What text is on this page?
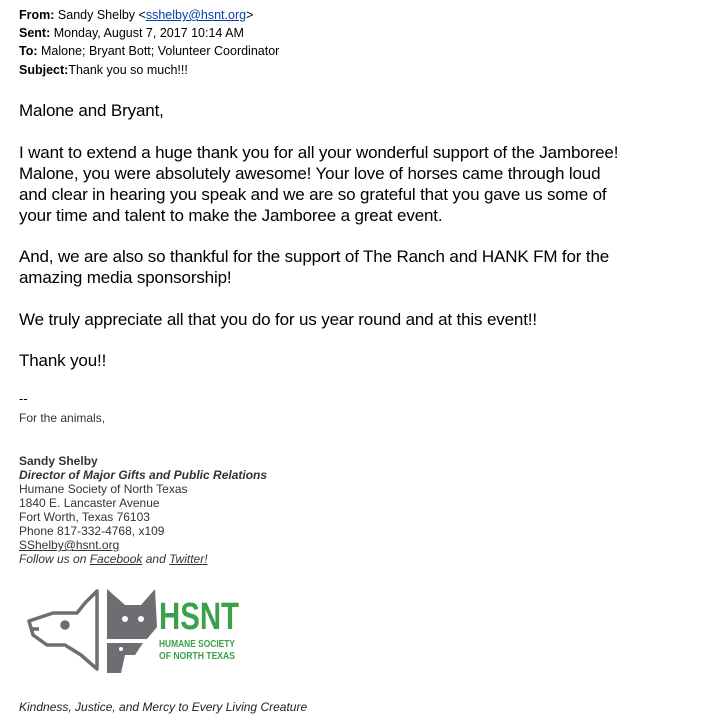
From: Sandy Shelby <sshelby@hsnt.org>
Sent: Monday, August 7, 2017 10:14 AM
To: Malone; Bryant Bott; Volunteer Coordinator
Subject:Thank you so much!!!
Malone and Bryant,
I want to extend a huge thank you for all your wonderful support of the Jamboree!
Malone, you were absolutely awesome! Your love of horses came through loud
and clear in hearing you speak and we are so grateful that you gave us some of
your time and talent to make the Jamboree a great event.
And, we are also so thankful for the support of The Ranch and HANK FM for the
amazing media sponsorship!
We truly appreciate all that you do for us year round and at this event!!
Thank you!!
--
For the animals,
Sandy Shelby
Director of Major Gifts and Public Relations
Humane Society of North Texas
1840 E. Lancaster Avenue
Fort Worth, Texas 76103
Phone 817-332-4768, x109
SShelby@hsnt.org
Follow us on Facebook and Twitter!
HSNT
HUMANE SOCIETY
OF NORTH TEXAS
Kindness, Justice, and Mercy to Every Living Creature
